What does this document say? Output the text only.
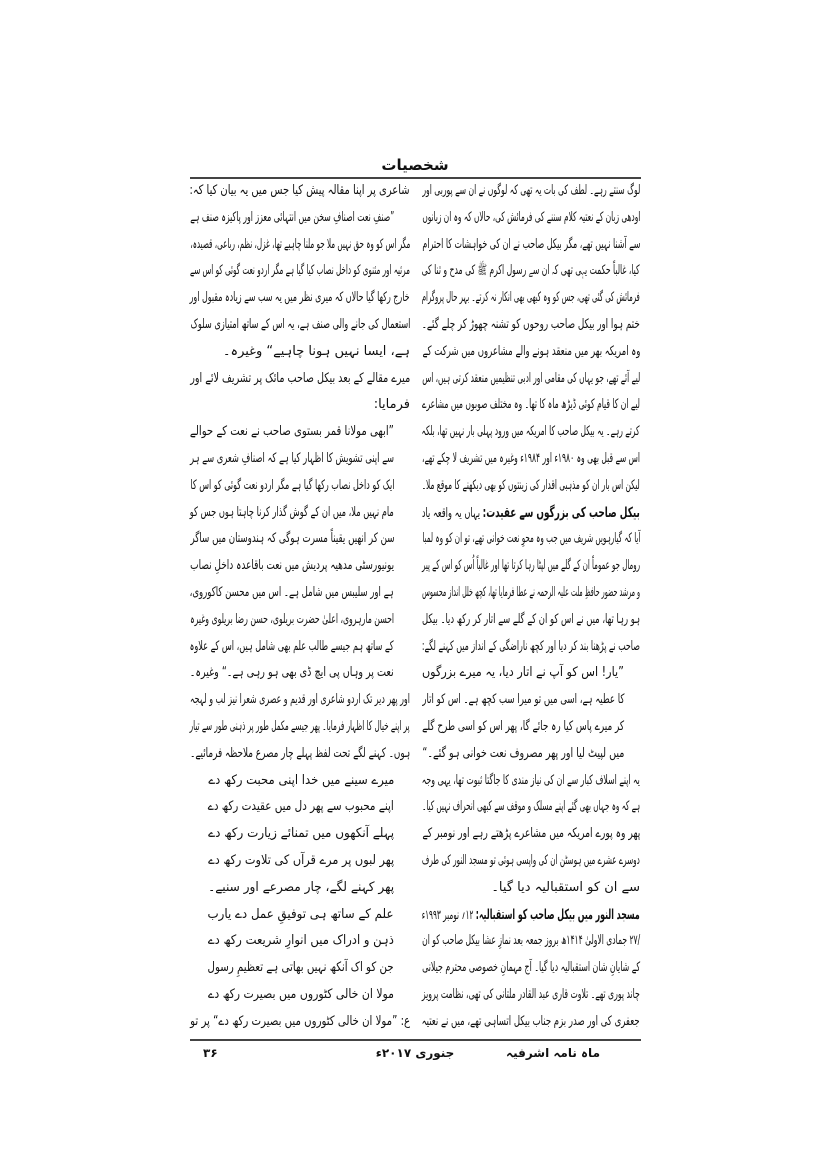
شخصیات
لوگ سنتے رہے۔ لطف کی بات یہ تھی کہ لوگوں نے ان سے پوربی اور
اودھی زبان کے نعتیہ کلام سننے کی فرمائش کی، حالاں کہ وہ ان زبانوں
سے آشنا نہیں تھے، مگر بیکل صاحب نے ان کی خواہشات کا احترام
کیا، غالباً حکمت یہی تھی کہ ان سے رسول اکرم ﷺ کی مدح و ثنا کی
فرمائش کی گئی تھی، جس کو وہ کبھی بھی انکار نہ کرتے۔ بہر حال پروگرام
ختم ہوا اور بیکل صاحب روحوں کو تشنہ چھوڑ کر چلے گئے۔
وہ امریکہ بھر میں منعقد ہونے والے مشاعروں میں شرکت کے
لیے آئے تھے، جو یہاں کی مقامی اور ادبی تنظیمیں منعقد کرتی ہیں، اس
لیے ان کا قیام کوئی ڈیڑھ ماہ کا تھا۔ وہ مختلف صوبوں میں مشاعرے
کرتے رہے۔ یہ بیکل صاحب کا امریکہ میں ورود پہلی بار نہیں تھا، بلکہ
اس سے قبل بھی وہ ۱۹۸۰ء اور ۱۹۸۴ء وغیرہ میں تشریف لا چکے تھے،
لیکن اس بار ان کو مذہبی اقدار کی زینتوں کو بھی دیکھنے کا موقع ملا۔
بیکل صاحب کی بزرگوں سے عقیدت: یہاں یہ واقعہ یاد
آیا کہ گیارہویں شریف میں جب وہ محوِ نعت خوانی تھے، تو ان کو وہ لمبا
رومال جو عموماً ان کے گلے میں لپٹا رہا کرتا تھا اور غالباً اُس کو اس کے پیر
و مرشد حضور حافظِ ملت علیہ الرحمہ نے عطا فرمایا تھا، کچھ خلل انداز محسوس
ہو رہا تھا، میں نے اس کو ان کے گلے سے اتار کر رکھ دیا۔ بیکل
صاحب نے پڑھنا بند کر دیا اور کچھ ناراضگی کے انداز میں کہنے لگے:
”یار! اس کو آپ نے اتار دیا، یہ میرے بزرگوں
کا عطیہ ہے، اسی میں تو میرا سب کچھ ہے۔ اس کو اتار
کر میرے پاس کیا رہ جائے گا، پھر اس کو اسی طرح گلے
میں لپیٹ لیا اور پھر مصروف نعت خوانی ہو گئے۔“
یہ اپنے اسلاف کبار سے ان کی نیاز مندی کا جاگتا ثبوت تھا، یہی وجہ
ہے کہ وہ جہاں بھی گئے اپنے مسلک و موقف سے کبھی انحراف نہیں کیا۔
پھر وہ پورے امریکہ میں مشاعرے پڑھتے رہے اور نومبر کے
دوسرے عشرے میں ہوسٹن ان کی واپسی ہوئی تو مسجد النور کی طرف
سے ان کو استقبالیہ دیا گیا۔
مسجد النور میں بیکل صاحب کو استقبالیہ: ۱۲؍ نومبر ۱۹۹۳ء
/۲۷ جمادی الاولیٰ ۱۴۱۴ھ بروز جمعہ بعد نمازِ عشا بیکل صاحب کو ان
کے شایانِ شان استقبالیہ دیا گیا۔ آج مہمانِ خصوصی محترم جیلانی
چاند پوری تھے۔ تلاوت قاری عبد القادر ملتانی کی تھی، نظامت پرویز
جعفری کی اور صدر بزم جناب بیکل اتساہی تھے، میں نے نعتیہ
شاعری پر اپنا مقالہ پیش کیا جس میں یہ بیان کیا کہ:
”صنفِ نعت اصنافِ سخن میں انتہائی معزز اور پاکیزہ صنف ہے
مگر اس کو وہ حق نہیں ملا جو ملنا چاہیے تھا، غزل، نظم، رباعی، قصیدہ،
مرثیہ اور مثنوی کو داخل نصاب کیا گیا ہے مگر اردو نعت گوئی کو اس سے
خارج رکھا گیا حالاں کہ میری نظر میں یہ سب سے زیادہ مقبول اور
استعمال کی جانے والی صنف ہے، یہ اس کے ساتھ امتیازی سلوک
ہے، ایسا نہیں ہونا چاہیے“ وغیرہ۔
میرے مقالے کے بعد بیکل صاحب مائک پر تشریف لائے اور
فرمایا:
”ابھی مولانا قمر بستوی صاحب نے نعت کے حوالے
سے اپنی تشویش کا اظہار کیا ہے کہ اصنافِ شعری سے ہر
ایک کو داخل نصاب رکھا گیا ہے مگر اردو نعت گوئی کو اس کا
مام نہیں ملا، میں ان کے گوش گذار کرنا چاہتا ہوں جس کو
سن کر انھیں یقیناً مسرت ہوگی کہ ہندوستان میں ساگر
یونیورسٹی مدھیہ پردیش میں نعت باقاعدہ داخلِ نصاب
ہے اور سلیبس میں شامل ہے۔ اس میں محسن کاکوروی،
احسن مارہروی، اعلیٰ حضرت بریلوی، حسن رضا بریلوی وغیرہ
کے ساتھ ہم جیسے طالب علم بھی شامل ہیں، اس کے علاوہ
نعت پر وہاں پی ایچ ڈی بھی ہو رہی ہے۔“ وغیرہ۔
اور پھر دیر تک اردو شاعری اور قدیم و عصری شعرا نیز لب و لہجہ
پر اپنے خیال کا اظہار فرمایا۔ پھر جیسے مکمل طور پر ذہنی طور سے تیار
ہوں۔ کہنے لگے تحت لفظ پہلے چار مصرع ملاحظہ فرمائیے۔
میرے سینے میں خدا اپنی محبت رکھ دے
اپنے محبوب سے پھر دل میں عقیدت رکھ دے
پہلے آنکھوں میں تمنائے زیارت رکھ دے
پھر لبوں پر مرے قرآں کی تلاوت رکھ دے
پھر کہنے لگے، چار مصرعے اور سنیے۔
علم کے ساتھ ہی توفیقِ عمل دے یارب
ذہن و ادراک میں انوارِ شریعت رکھ دے
جن کو اک آنکھ نہیں بھاتی ہے تعظیمِ رسول
مولا ان خالی کٹوروں میں بصیرت رکھ دے
ع: ”مولا ان خالی کٹوروں میں بصیرت رکھ دے“ پر تو
ماہ نامہ اشرفیہ
جنوری ۲۰۱۷ء
۳۶
